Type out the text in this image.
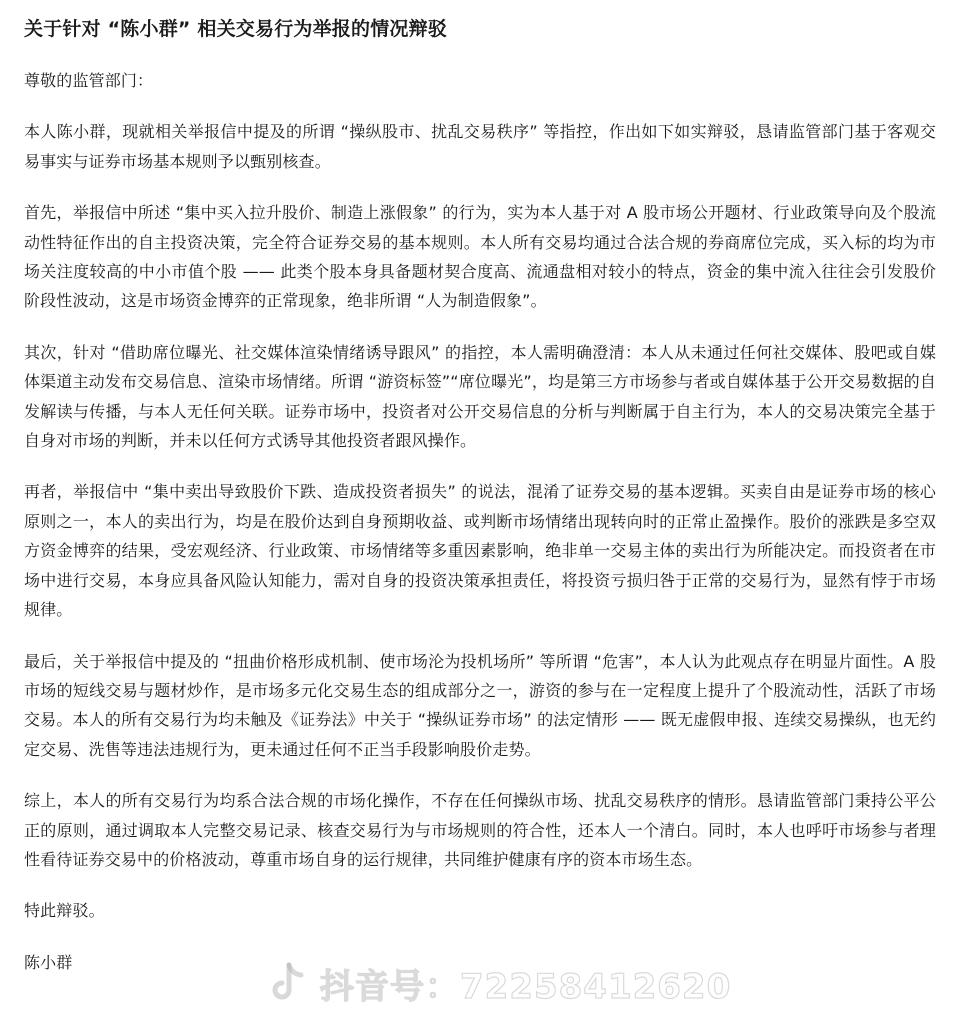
关于针对 “陈小群” 相关交易行为举报的情况辩驳
尊敬的监管部门：
本人陈小群，现就相关举报信中提及的所谓 “操纵股市、扰乱交易秩序” 等指控，作出如下如实辩驳，恳请监管部门基于客观交易事实与证券市场基本规则予以甄别核查。
首先，举报信中所述 “集中买入拉升股价、制造上涨假象” 的行为，实为本人基于对 A 股市场公开题材、行业政策导向及个股流动性特征作出的自主投资决策，完全符合证券交易的基本规则。本人所有交易均通过合法合规的券商席位完成，买入标的均为市场关注度较高的中小市值个股 —— 此类个股本身具备题材契合度高、流通盘相对较小的特点，资金的集中流入往往会引发股价阶段性波动，这是市场资金博弈的正常现象，绝非所谓 “人为制造假象”。
其次，针对 “借助席位曝光、社交媒体渲染情绪诱导跟风” 的指控，本人需明确澄清：本人从未通过任何社交媒体、股吧或自媒体渠道主动发布交易信息、渲染市场情绪。所谓 “游资标签”“席位曝光”，均是第三方市场参与者或自媒体基于公开交易数据的自发解读与传播，与本人无任何关联。证券市场中，投资者对公开交易信息的分析与判断属于自主行为，本人的交易决策完全基于自身对市场的判断，并未以任何方式诱导其他投资者跟风操作。
再者，举报信中 “集中卖出导致股价下跌、造成投资者损失” 的说法，混淆了证券交易的基本逻辑。买卖自由是证券市场的核心原则之一，本人的卖出行为，均是在股价达到自身预期收益、或判断市场情绪出现转向时的正常止盈操作。股价的涨跌是多空双方资金博弈的结果，受宏观经济、行业政策、市场情绪等多重因素影响，绝非单一交易主体的卖出行为所能决定。而投资者在市场中进行交易，本身应具备风险认知能力，需对自身的投资决策承担责任，将投资亏损归咎于正常的交易行为，显然有悖于市场规律。
最后，关于举报信中提及的 “扭曲价格形成机制、使市场沦为投机场所” 等所谓 “危害”，本人认为此观点存在明显片面性。A 股市场的短线交易与题材炒作，是市场多元化交易生态的组成部分之一，游资的参与在一定程度上提升了个股流动性，活跃了市场交易。本人的所有交易行为均未触及《证券法》中关于 “操纵证券市场” 的法定情形 —— 既无虚假申报、连续交易操纵，也无约定交易、洗售等违法违规行为，更未通过任何不正当手段影响股价走势。
综上，本人的所有交易行为均系合法合规的市场化操作，不存在任何操纵市场、扰乱交易秩序的情形。恳请监管部门秉持公平公正的原则，通过调取本人完整交易记录、核查交易行为与市场规则的符合性，还本人一个清白。同时，本人也呼吁市场参与者理性看待证券交易中的价格波动，尊重市场自身的运行规律，共同维护健康有序的资本市场生态。
特此辩驳。
陈小群
抖音号：72258412620
